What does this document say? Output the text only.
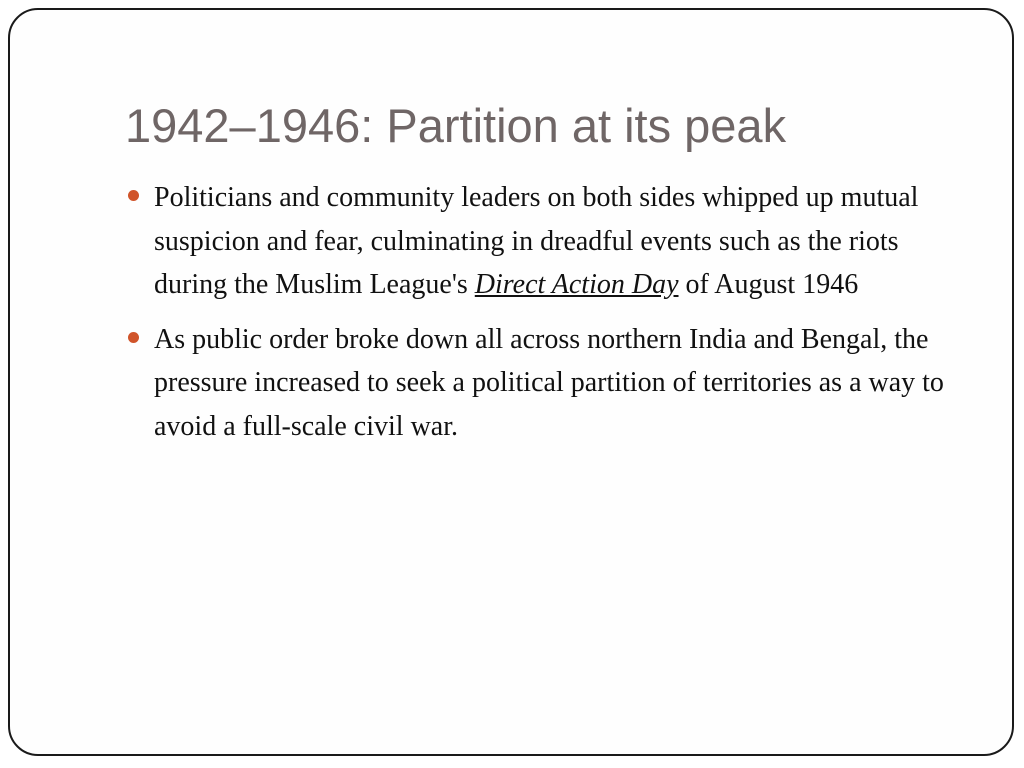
1942–1946: Partition at its peak
Politicians and community leaders on both sides whipped up mutual suspicion and fear, culminating in dreadful events such as the riots during the Muslim League's Direct Action Day of August 1946
As public order broke down all across northern India and Bengal, the pressure increased to seek a political partition of territories as a way to avoid a full-scale civil war.
